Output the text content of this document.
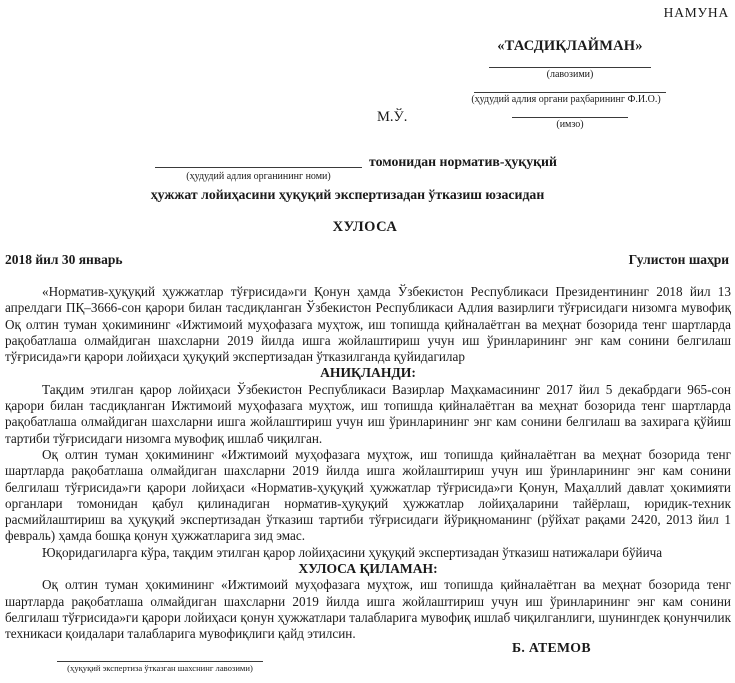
НАМУНА
«ТАСДИҚЛАЙМАН»
(лавозими)
(ҳудудий адлия органи раҳбарининг Ф.И.О.)
(имзо)
М.Ў.
томонидан норматив-ҳуқуқий
(ҳудудий адлия органининг номи)
ҳужжат лойиҳасини ҳуқуқий экспертизадан ўтказиш юзасидан
ХУЛОСА
2018 йил 30 январь	Гулистон шаҳри

«Норматив-ҳуқуқий ҳужжатлар тўғрисида»ги Қонун ҳамда Ўзбекистон Республикаси Президентининг 2018 йил 13 апрелдаги ПҚ–3666-сон қарори билан тасдиқланган Ўзбекистон Республикаси Адлия вазирлиги тўғрисидаги низомга мувофиқ Оқ олтин туман ҳокимининг «Ижтимоий муҳофазага муҳтож, иш топишда қийналаётган ва меҳнат бозорида тенг шартларда рақобатлаша олмайдиган шахсларни 2019 йилда ишга жойлаштириш учун иш ўринларининг энг кам сонини белгилаш тўғрисида»ги қарори лойиҳаси ҳуқуқий экспертизадан ўтказилганда қуйидагилар

АНИҚЛАНДИ:

Тақдим этилган қарор лойиҳаси Ўзбекистон Республикаси Вазирлар Маҳкамасининг 2017 йил 5 декабрдаги 965-сон қарори билан тасдиқланган Ижтимоий муҳофазага муҳтож, иш топишда қийналаётган ва меҳнат бозорида тенг шартларда рақобатлаша олмайдиган шахсларни ишга жойлаштириш учун иш ўринларининг энг кам сонини белгилаш ва захирага қўйиш тартиби тўғрисидаги низомга мувофиқ ишлаб чиқилган.

Оқ олтин туман ҳокимининг «Ижтимоий муҳофазага муҳтож, иш топишда қийналаётган ва меҳнат бозорида тенг шартларда рақобатлаша олмайдиган шахсларни 2019 йилда ишга жойлаштириш учун иш ўринларининг энг кам сонини белгилаш тўғрисида»ги қарори лойиҳаси «Норматив-ҳуқуқий ҳужжатлар тўғрисида»ги Қонун, Маҳаллий давлат ҳокимияти органлари томонидан қабул қилинадиган норматив-ҳуқуқий ҳужжатлар лойиҳаларини тайёрлаш, юридик-техник расмийлаштириш ва ҳуқуқий экспертизадан ўтказиш тартиби тўғрисидаги йўриқноманинг (рўйхат рақами 2420, 2013 йил 1 февраль) ҳамда бошқа қонун ҳужжатларига зид эмас.

Юқоридагиларга кўра, тақдим этилган қарор лойиҳасини ҳуқуқий экспертизадан ўтказиш натижалари бўйича

ХУЛОСА ҚИЛАМАН:

Оқ олтин туман ҳокимининг «Ижтимоий муҳофазага муҳтож, иш топишда қийналаётган ва меҳнат бозорида тенг шартларда рақобатлаша олмайдиган шахсларни 2019 йилда ишга жойлаштириш учун иш ўринларининг энг кам сонини белгилаш тўғрисида»ги қарори лойиҳаси қонун ҳужжатлари талабларига мувофиқ ишлаб чиқилганлиги, шунингдек қонунчилик техникаси қоидалари талабларига мувофиқлиги қайд этилсин.

Б. АТЕМОВ
(ҳуқуқий экспертиза ўтказган шахснинг лавозими)
